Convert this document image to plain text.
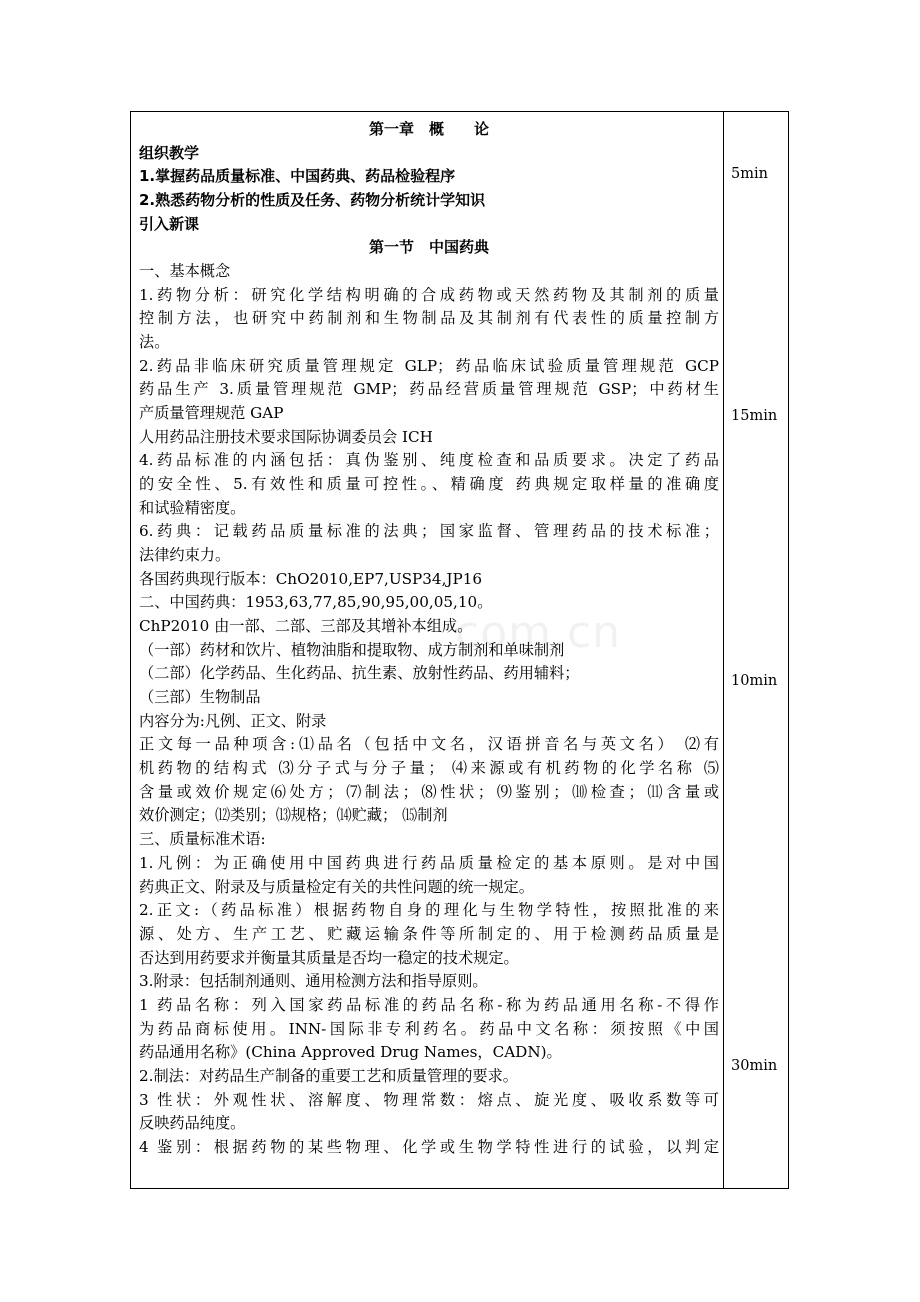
第一章　概　　论
组织教学
1.掌握药品质量标准、中国药典、药品检验程序
2.熟悉药物分析的性质及任务、药物分析统计学知识
引入新课
第一节　中国药典
一、基本概念
1.药物分析：研究化学结构明确的合成药物或天然药物及其制剂的质量
控制方法，也研究中药制剂和生物制品及其制剂有代表性的质量控制方
法。
2.药品非临床研究质量管理规定 GLP；药品临床试验质量管理规范 GCP
药品生产 3.质量管理规范 GMP；药品经营质量管理规范 GSP；中药材生
产质量管理规范 GAP
人用药品注册技术要求国际协调委员会 ICH
4.药品标准的内涵包括：真伪鉴别、纯度检查和品质要求。决定了药品
的安全性、5.有效性和质量可控性。、精确度 药典规定取样量的准确度
和试验精密度。
6.药典：记载药品质量标准的法典；国家监督、管理药品的技术标准；
法律约束力。
各国药典现行版本：ChO2010,EP7,USP34,JP16
二、中国药典：1953,63,77,85,90,95,00,05,10。
ChP2010 由一部、二部、三部及其增补本组成。
（一部）药材和饮片、植物油脂和提取物、成方制剂和单味制剂
（二部）化学药品、生化药品、抗生素、放射性药品、药用辅料；
（三部）生物制品
内容分为:凡例、正文、附录
正文每一品种项含:⑴品名（包括中文名，汉语拼音名与英文名） ⑵有
机药物的结构式 ⑶分子式与分子量； ⑷来源或有机药物的化学名称 ⑸
含量或效价规定⑹处方；⑺制法；⑻性状；⑼鉴别；⑽检查；⑾含量或
效价测定；⑿类别；⒀规格；⒁贮藏； ⒂制剂
三、质量标准术语:
1.凡例：为正确使用中国药典进行药品质量检定的基本原则。是对中国
药典正文、附录及与质量检定有关的共性问题的统一规定。
2.正文:（药品标准）根据药物自身的理化与生物学特性，按照批准的来
源、处方、生产工艺、贮藏运输条件等所制定的、用于检测药品质量是
否达到用药要求并衡量其质量是否均一稳定的技术规定。
3.附录：包括制剂通则、通用检测方法和指导原则。
1 药品名称：列入国家药品标准的药品名称-称为药品通用名称-不得作
为药品商标使用。INN-国际非专利药名。药品中文名称：须按照《中国
药品通用名称》(China Approved Drug Names，CADN)。
2.制法：对药品生产制备的重要工艺和质量管理的要求。
3 性状：外观性状、溶解度、物理常数：熔点、旋光度、吸收系数等可
反映药品纯度。
4 鉴别：根据药物的某些物理、化学或生物学特性进行的试验，以判定
5min
15min
10min
30min
com.cn
